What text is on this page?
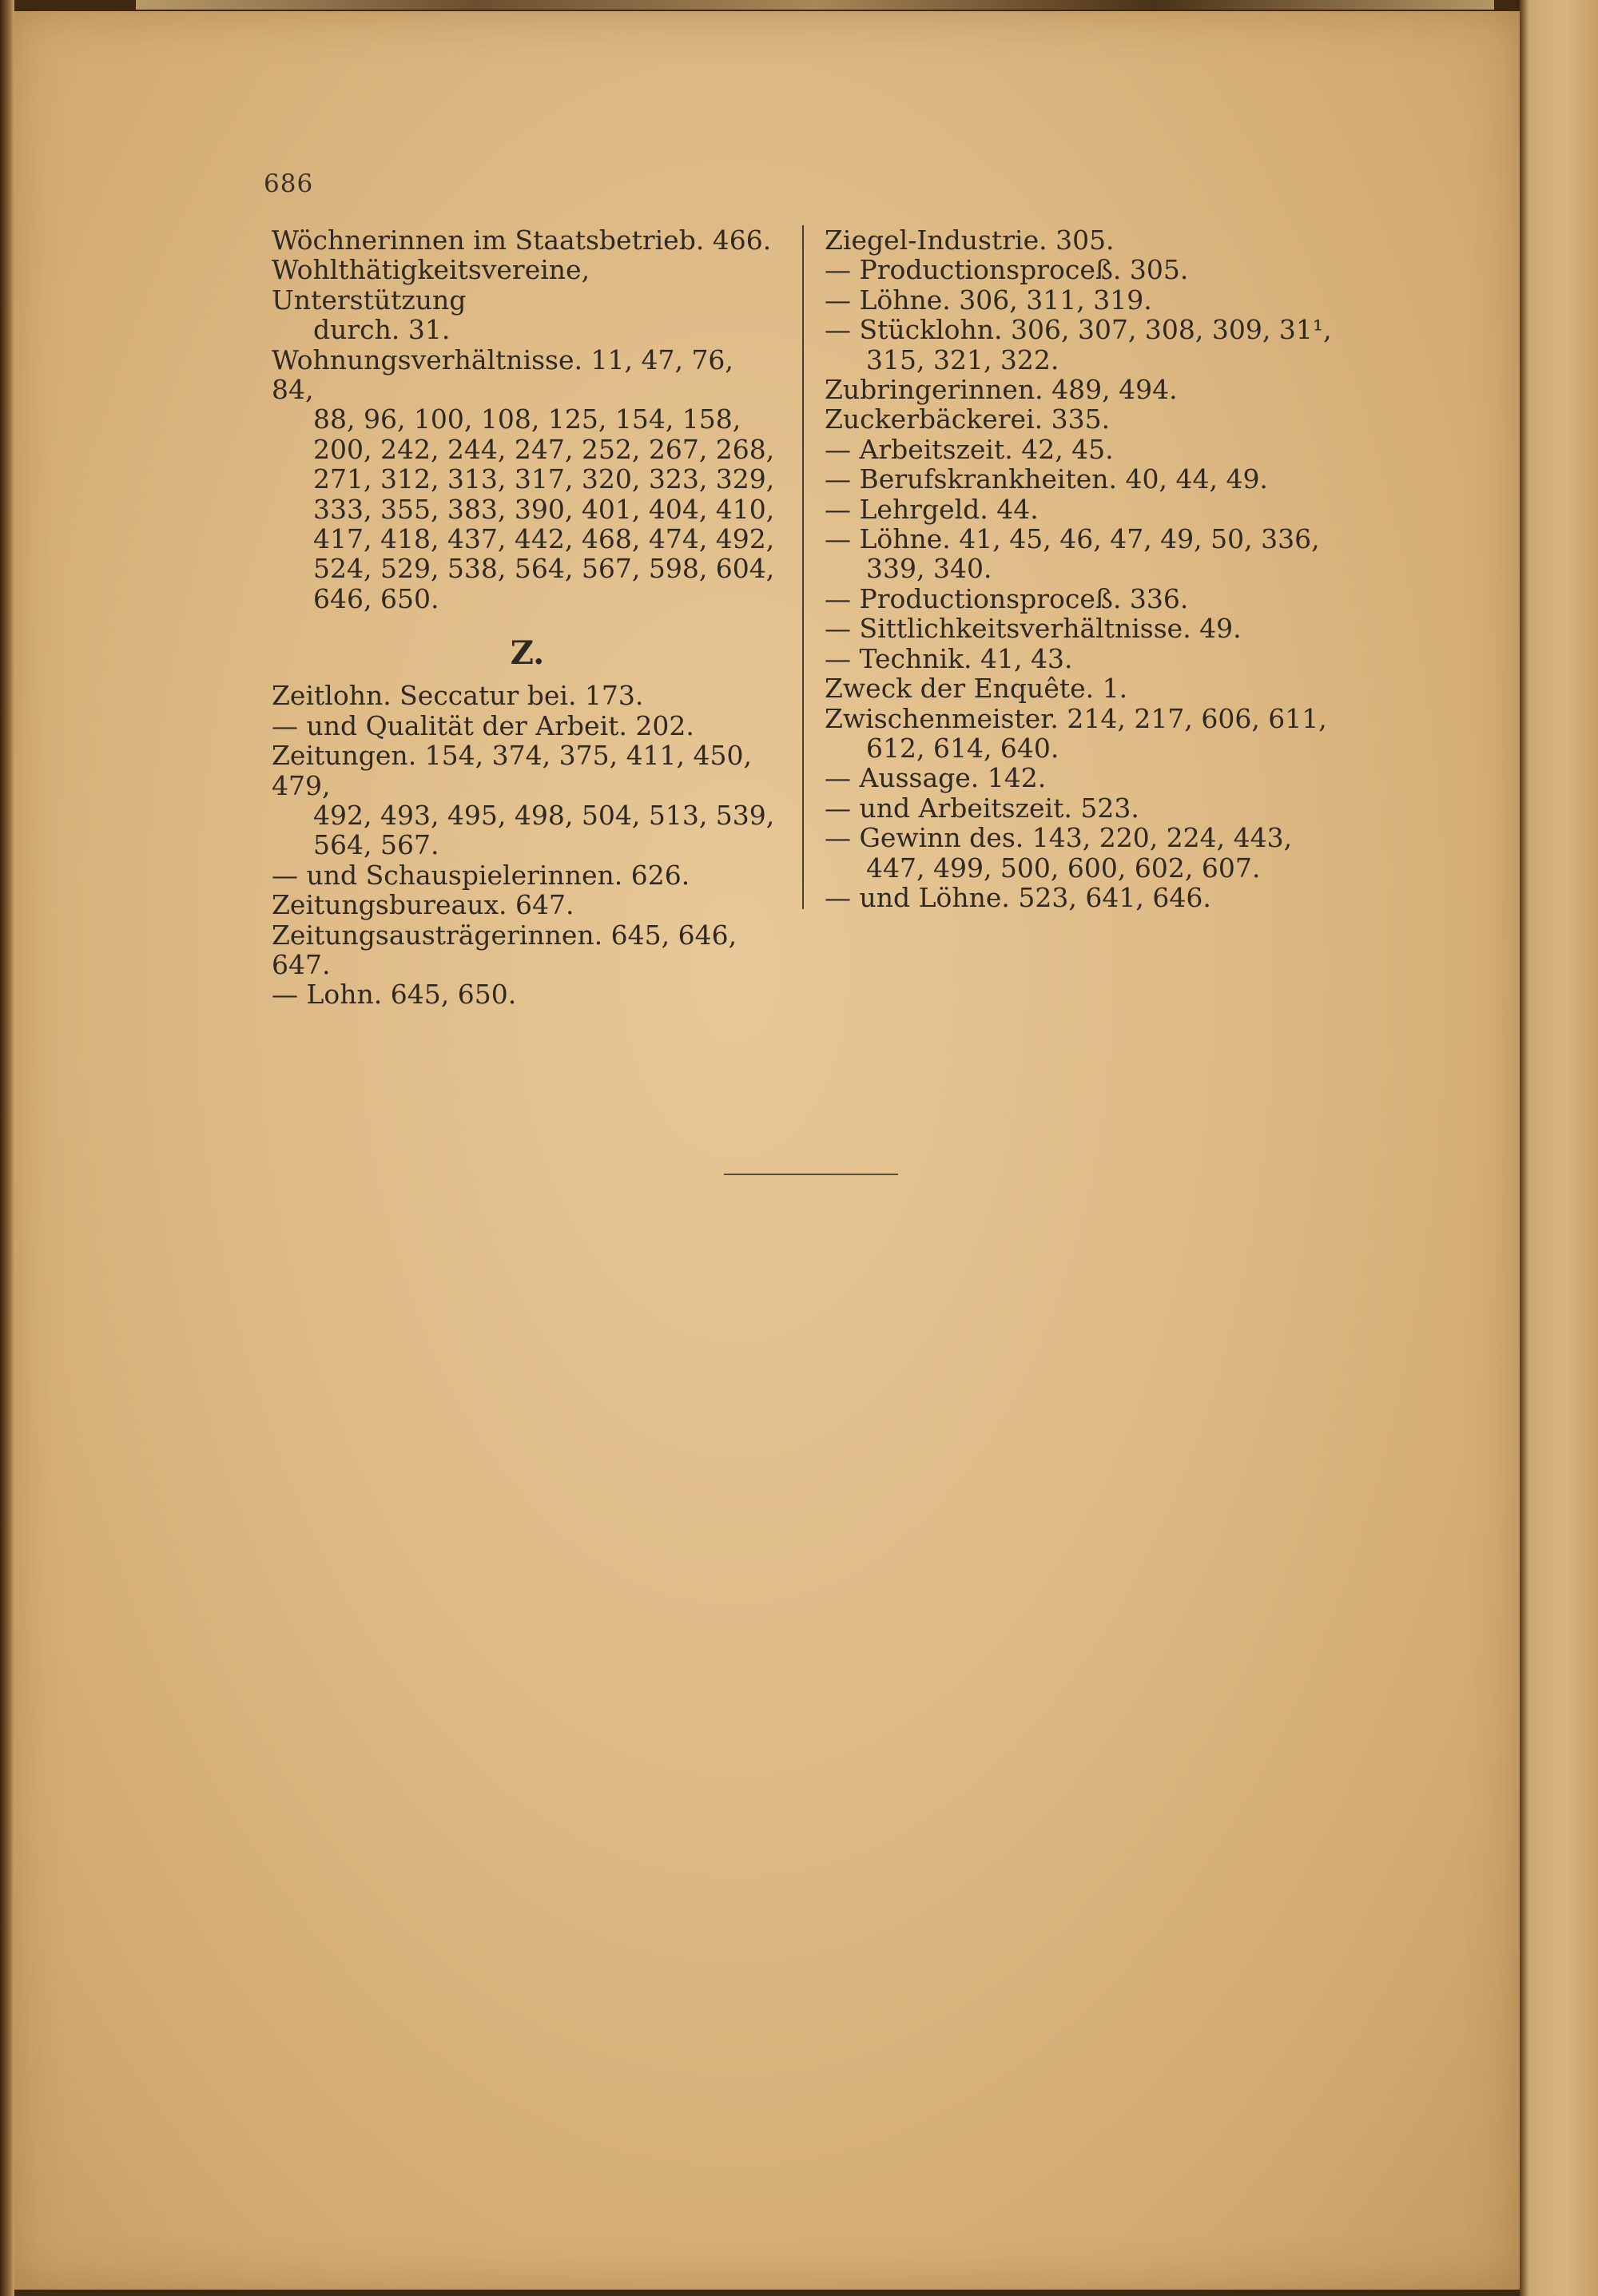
686
Wöchnerinnen im Staatsbetrieb. 466.
Wohlthätigkeitsvereine, Unterstützung
durch. 31.
Wohnungsverhältnisse. 11, 47, 76, 84,
88, 96, 100, 108, 125, 154, 158,
200, 242, 244, 247, 252, 267, 268,
271, 312, 313, 317, 320, 323, 329,
333, 355, 383, 390, 401, 404, 410,
417, 418, 437, 442, 468, 474, 492,
524, 529, 538, 564, 567, 598, 604,
646, 650.
Z.
Zeitlohn. Seccatur bei. 173.
— und Qualität der Arbeit. 202.
Zeitungen. 154, 374, 375, 411, 450, 479,
492, 493, 495, 498, 504, 513, 539,
564, 567.
— und Schauspielerinnen. 626.
Zeitungsbureaux. 647.
Zeitungsausträgerinnen. 645, 646, 647.
— Lohn. 645, 650.
Ziegel-Industrie. 305.
— Productionsproceß. 305.
— Löhne. 306, 311, 319.
— Stücklohn. 306, 307, 308, 309, 31¹,
315, 321, 322.
Zubringerinnen. 489, 494.
Zuckerbäckerei. 335.
— Arbeitszeit. 42, 45.
— Berufskrankheiten. 40, 44, 49.
— Lehrgeld. 44.
— Löhne. 41, 45, 46, 47, 49, 50, 336,
339, 340.
— Productionsproceß. 336.
— Sittlichkeitsverhältnisse. 49.
— Technik. 41, 43.
Zweck der Enquête. 1.
Zwischenmeister. 214, 217, 606, 611,
612, 614, 640.
— Aussage. 142.
— und Arbeitszeit. 523.
— Gewinn des. 143, 220, 224, 443,
447, 499, 500, 600, 602, 607.
— und Löhne. 523, 641, 646.
